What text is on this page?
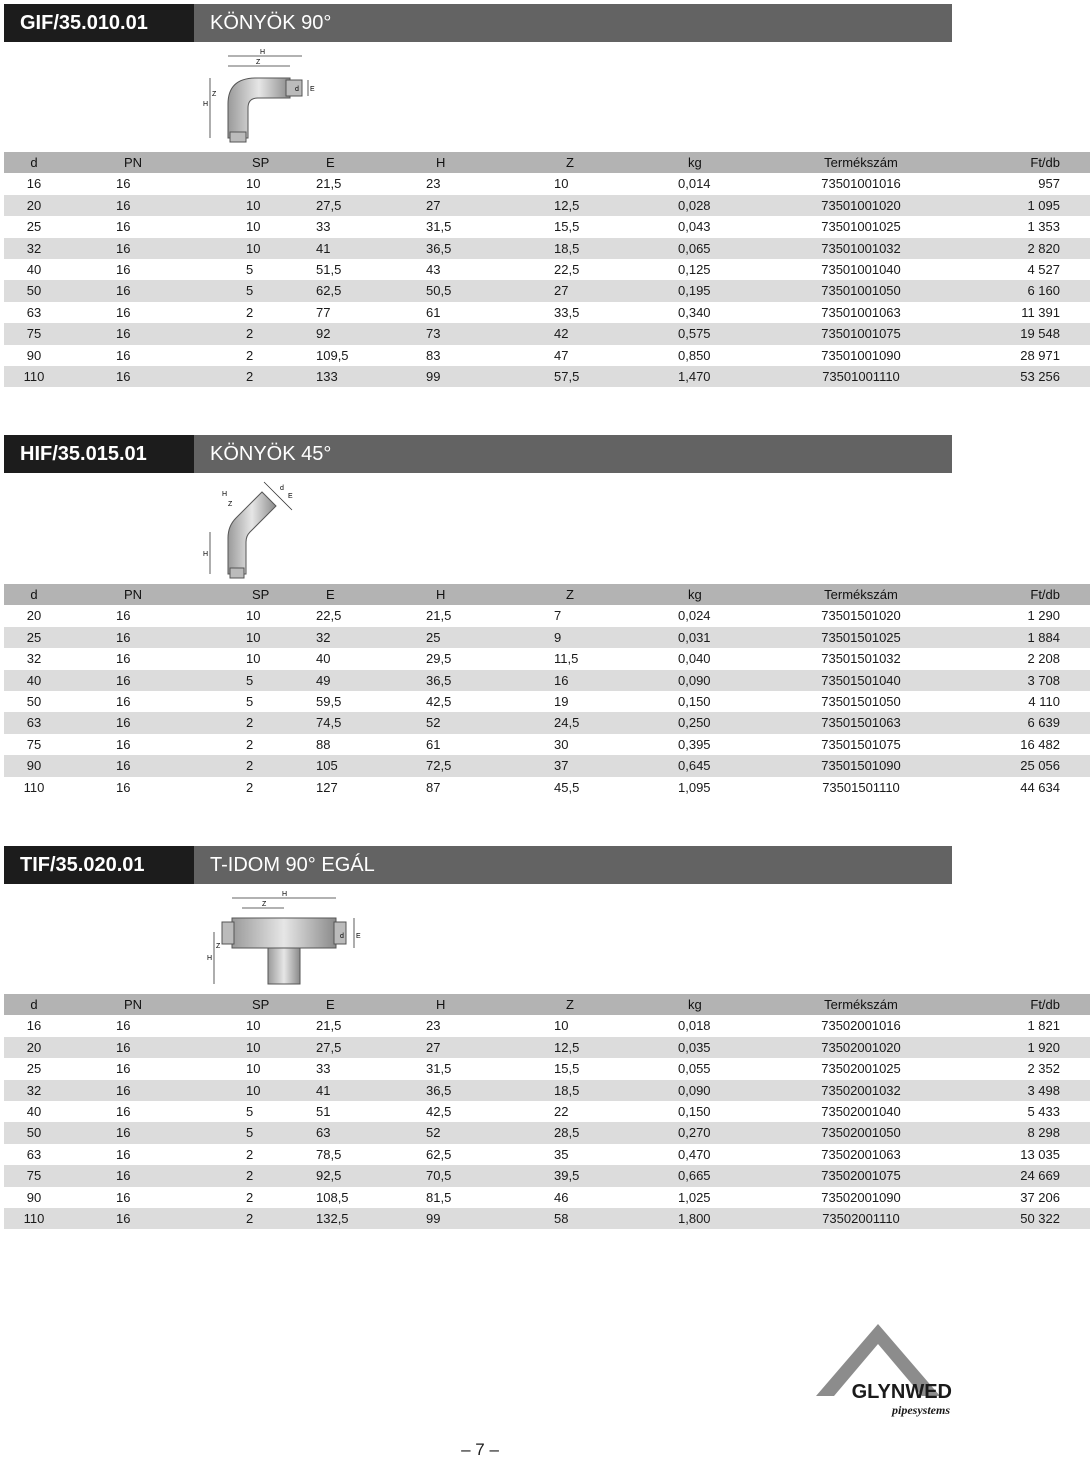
GIF/35.010.01	KÖNYÖK 90°
H
Z
H
Z
d E
d	PN	SP	E	H	Z	kg	Termékszám	Ft/db
16	16	10	21,5	23	10	0,014	73501001016	957
20	16	10	27,5	27	12,5	0,028	73501001020	1 095
25	16	10	33	31,5	15,5	0,043	73501001025	1 353
32	16	10	41	36,5	18,5	0,065	73501001032	2 820
40	16	5	51,5	43	22,5	0,125	73501001040	4 527
50	16	5	62,5	50,5	27	0,195	73501001050	6 160
63	16	2	77	61	33,5	0,340	73501001063	11 391
75	16	2	92	73	42	0,575	73501001075	19 548
90	16	2	109,5	83	47	0,850	73501001090	28 971
110	16	2	133	99	57,5	1,470	73501001110	53 256
HIF/35.015.01	KÖNYÖK 45°
H
Z
H
d
E
d	PN	SP	E	H	Z	kg	Termékszám	Ft/db
20	16	10	22,5	21,5	7	0,024	73501501020	1 290
25	16	10	32	25	9	0,031	73501501025	1 884
32	16	10	40	29,5	11,5	0,040	73501501032	2 208
40	16	5	49	36,5	16	0,090	73501501040	3 708
50	16	5	59,5	42,5	19	0,150	73501501050	4 110
63	16	2	74,5	52	24,5	0,250	73501501063	6 639
75	16	2	88	61	30	0,395	73501501075	16 482
90	16	2	105	72,5	37	0,645	73501501090	25 056
110	16	2	127	87	45,5	1,095	73501501110	44 634
TIF/35.020.01	T-IDOM 90° EGÁL
H
Z
H
Z
d E
d	PN	SP	E	H	Z	kg	Termékszám	Ft/db
16	16	10	21,5	23	10	0,018	73502001016	1 821
20	16	10	27,5	27	12,5	0,035	73502001020	1 920
25	16	10	33	31,5	15,5	0,055	73502001025	2 352
32	16	10	41	36,5	18,5	0,090	73502001032	3 498
40	16	5	51	42,5	22	0,150	73502001040	5 433
50	16	5	63	52	28,5	0,270	73502001050	8 298
63	16	2	78,5	62,5	35	0,470	73502001063	13 035
75	16	2	92,5	70,5	39,5	0,665	73502001075	24 669
90	16	2	108,5	81,5	46	1,025	73502001090	37 206
110	16	2	132,5	99	58	1,800	73502001110	50 322
GLYNWED
pipesystems
– 7 –
